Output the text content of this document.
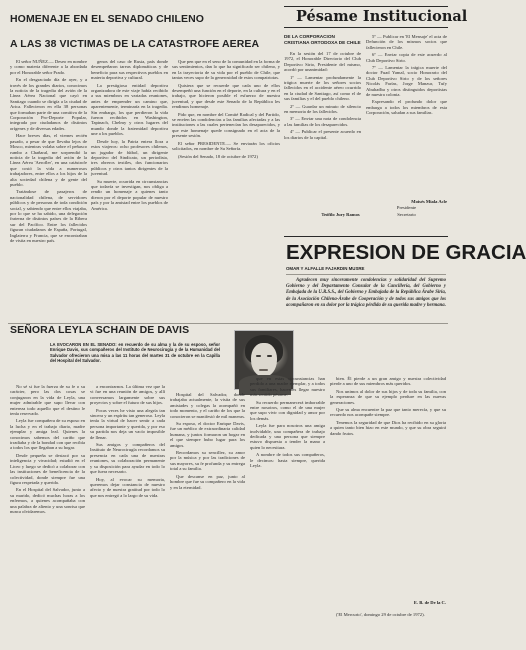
HOMENAJE EN EL SENADO CHILENO
A LAS 38 VICTIMAS DE LA CATASTROFE AEREA

El señor NUÑEZ.— Deseo en nombre y como materia diferente a la abordada por el Honorable señor Prado.

En el desgraciado día de ayer, y a través de los grandes diarios, conocimos la noticia de la tragedia del avión de la Línea Aérea Nacional que cayó en Santiago cuando se dirigía a la ciudad de Arica. Fallecieron en ella 38 personas que formaban parte de una comitiva de la Corporación Pro-Deporte Popular, integrada por ciudadanos de distintos orígenes y de diversas edades.

Hace breves días, el viernes recién pasado, a pesar de que llevaba lejos de Mosco, mientras volaba sobre el peñasco rumbo a Chañaral, me sorprendió la noticia de la tragedia del avión de la Línea Aérea 'Aerofler', en una catástrofe que costó la vida a numerosos trabajadores, entre ellos a los hijos de la alta sociedad chilena y de gente del pueblo.

Tratándose de pasajeros de nacionalidad chilena, de servidores públicos y de personas de toda condición social, y sabiendo que entre ellos viajaba, por lo que se ha sabido, una delegación fraterna de distintos países de la Ribera sur del Pacífico. Entre los fallecidos figuran ciudadanos de España, Portugal, Inglaterra y Francia, que se encontraban de visita en nuestro país.

genos del caso de Rusia, país donde desempeñaron tareas diplomáticas y de beneficio para sus respectivos pueblos en materia deportiva y cultural.

La prestigiosa entidad deportiva organizadora de este viaje había recibido a sus miembros en variadas reuniones, antes de emprender un camino que, aparentemente, terminaría en la tragedia. Sin embargo, los que perdieron la vida fueron recibidos en Washington, Tapinach, Chelmy y otros lugares del mundo donde la fraternidad deportiva une a los pueblos.

Desde hoy, la Patria entera llora a estos viajeros: ocho profesores chilenos, un jugador de fútbol, un dirigente deportivo del Sindicato, un periodista, tres obreros textiles, dos funcionarios públicos y otros tantos dirigentes de la juventud.

Su muerte, ocurrida en circunstancias que todavía se investigan, nos obliga a rendir un homenaje a quienes tanto dieron por el deporte popular de nuestro país y por la amistad entre los pueblos de América.

Que pen que en el seno de la comunidad en la forma de sus sentimientos, dan lo que ha significado ser chileno, y en la trayectoria de su vida por el pueblo de Chile, que tantas veces supo de la generosidad de estos compatriotas.

Quisiera que se recuerde que cada uno de ellos desempeñó una función en el deporte, en la cultura y en el trabajo, que hicieron posible el esfuerzo de nuestra juventud, y que desde este Senado de la República les rendimos homenaje.

Pido que, en nombre del Comité Radical y del Partido, se envíen las condolencias a las familias afectadas y a las instituciones a las cuales pertenecían los desaparecidos, y que este homenaje quede consignado en el acta de la presente sesión.

El señor PRESIDENTE.— Se enviarán los oficios solicitados, en nombre de Su Señoría.

(Sesión del Senado, 18 de octubre de 1972)

Pésame Institucional
DE LA CORPORACION CRISTIANA ORTODOXA DE CHILE

En la sesión del 17 de octubre de 1972, el Honorable Directorio del Club Deportivo Sirio, Presidente del mismo, acordó por unanimidad:

1º — Lamentar profundamente la trágica muerte de los señores socios fallecidos en el accidente aéreo ocurrido en la ciudad de Santiago, así como el de sus familias y el del pueblo chileno.

2º — Guardar un minuto de silencio en memoria de los fallecidos.

3º — Enviar una nota de condolencia a las familias de los desaparecidos.

4º — Publicar el presente acuerdo en los diarios de la capital.

5º — Publicar en 'El Mensaje' el acta de Defunción de los mismos socios que fallecieron en Chile.

6º — Enviar copia de este acuerdo al Club Deportivo Sirio.

7º — Lamentar la trágica muerte del doctor Fuad Yamal, socio Honorario del Club Deportivo Sirio y de los señores Nicolás Farías, Jorge Manzur, Tufy Abuhadba y otros distinguidos deportistas de nuestra colonia.

Expresando el profundo dolor que embarga a todos los miembros de esta Corporación, saludan a sus familias.

Moisés Miala Acle
Presidente
Teófilo Jury Ramos	Secretario
EXPRESION DE GRACIA
OMAR Y ALFALLE FAJARDIN MUSRE

Agradecen muy sinceramente condolencias y solidaridad del Supremo Gobierno y del Departamento Consular de la Cancillería, del Gobierno y Embajada de la U.R.S.S., del Gobierno y Embajada de la República Árabe Siria, de la Asociación Chilena-Árabe de Cooperación y de todos sus amigos que los acompañaron en su dolor por la trágica pérdida de su querida madre y hermana.

SEÑORA LEYLA SCHAIN DE DAVIS
LA EVOCARON EN EL SENADO: en recuerdo de su alma y la de su esposo, señor Enrique Davis, sus compañeros del Instituto de Neurocirugía y de la Humanidad del Salvador ofrecieron una misa a las 11 horas del martes 31 de octubre en la Capilla del Hospital del Salvador.

No sé si fue la fuerza de su fe o su carácter, pero las dos cosas se conjugaron en la vida de Leyla, una mujer admirable que supo llevar con entereza todo aquello que el destino le tenía reservado.

Leyla fue compañera de su esposo en la lucha y en el trabajo diario, madre ejemplar y amiga leal. Quienes la conocimos sabemos del cariño que irradiaba y de la bondad con que recibía a todos los que llegaban a su hogar.

Desde pequeña se destacó por su inteligencia y vivacidad; estudió en el Liceo y luego se dedicó a colaborar con las instituciones de beneficencia de la colectividad, donde siempre fue una figura respetada y querida.

En el Hospital del Salvador, junto a su marido, dedicó muchas horas a los enfermos, a quienes acompañaba con una palabra de aliento y una sonrisa que nunca olvidaremos.

a encontrarnos. La última vez que la vi fue en una reunión de amigos, y allí conversamos largamente sobre sus proyectos y sobre el futuro de sus hijos.

Pocas veces he visto una alegría tan sincera y un espíritu tan generoso. Leyla tenía la virtud de hacer sentir a cada persona importante y querida, y por eso su partida nos deja un vacío imposible de llenar.

Sus amigos y compañeros del Instituto de Neurocirugía recordamos su presencia en cada una de nuestras reuniones, su colaboración permanente y su disposición para ayudar en todo lo que fuera necesario.

Hoy, al evocar su memoria, queremos dejar constancia de nuestro afecto y de nuestra gratitud por todo lo que nos entregó a lo largo de su vida.

Hospital del Salvador, donde trabajaba actualmente, la visita de sus amistades y colegas la acompañó en todo momento, y el cariño de los que la conocieron se manifestó de mil maneras.

Su esposo, el doctor Enrique Davis, fue un médico de extraordinaria calidad humana, y juntos formaron un hogar en el que siempre hubo lugar para los amigos.

Recordamos su sencillez, su amor por la música y por las tradiciones de sus mayores, su fe profunda y su entrega total a su familia.

Que descanse en paz, junto al hombre que fue su compañero en la vida y en la eternidad.

que en estas circunstancias han perdido a una madre ejemplar, y a todos sus familiares, hacemos llegar nuestro más sentido pésame.

Su recuerdo permanecerá imborrable entre nosotros, como el de una mujer que supo vivir con dignidad y amor por los demás.

Leyla fue para nosotros una amiga inolvidable, una compañera de trabajo dedicada y una persona que siempre estuvo dispuesta a tender la mano a quien lo necesitara.

A nombre de todos sus compañeros, le decimos: hasta siempre, querida Leyla.

bien. Él pierde a un gran amigo y nuestra colectividad pierde a uno de sus miembros más queridos.

Nos unimos al dolor de sus hijos y de toda su familia, con la esperanza de que su ejemplo perdure en las nuevas generaciones.

Que su alma encuentre la paz que tanto merecía, y que su recuerdo nos acompañe siempre.

Tenemos la seguridad de que Dios ha recibido en su gloria a quien tanto bien hizo en este mundo, y que su obra seguirá dando frutos.

E. B. de De la C.

('El Mercurio', domingo 29 de octubre de 1972).
